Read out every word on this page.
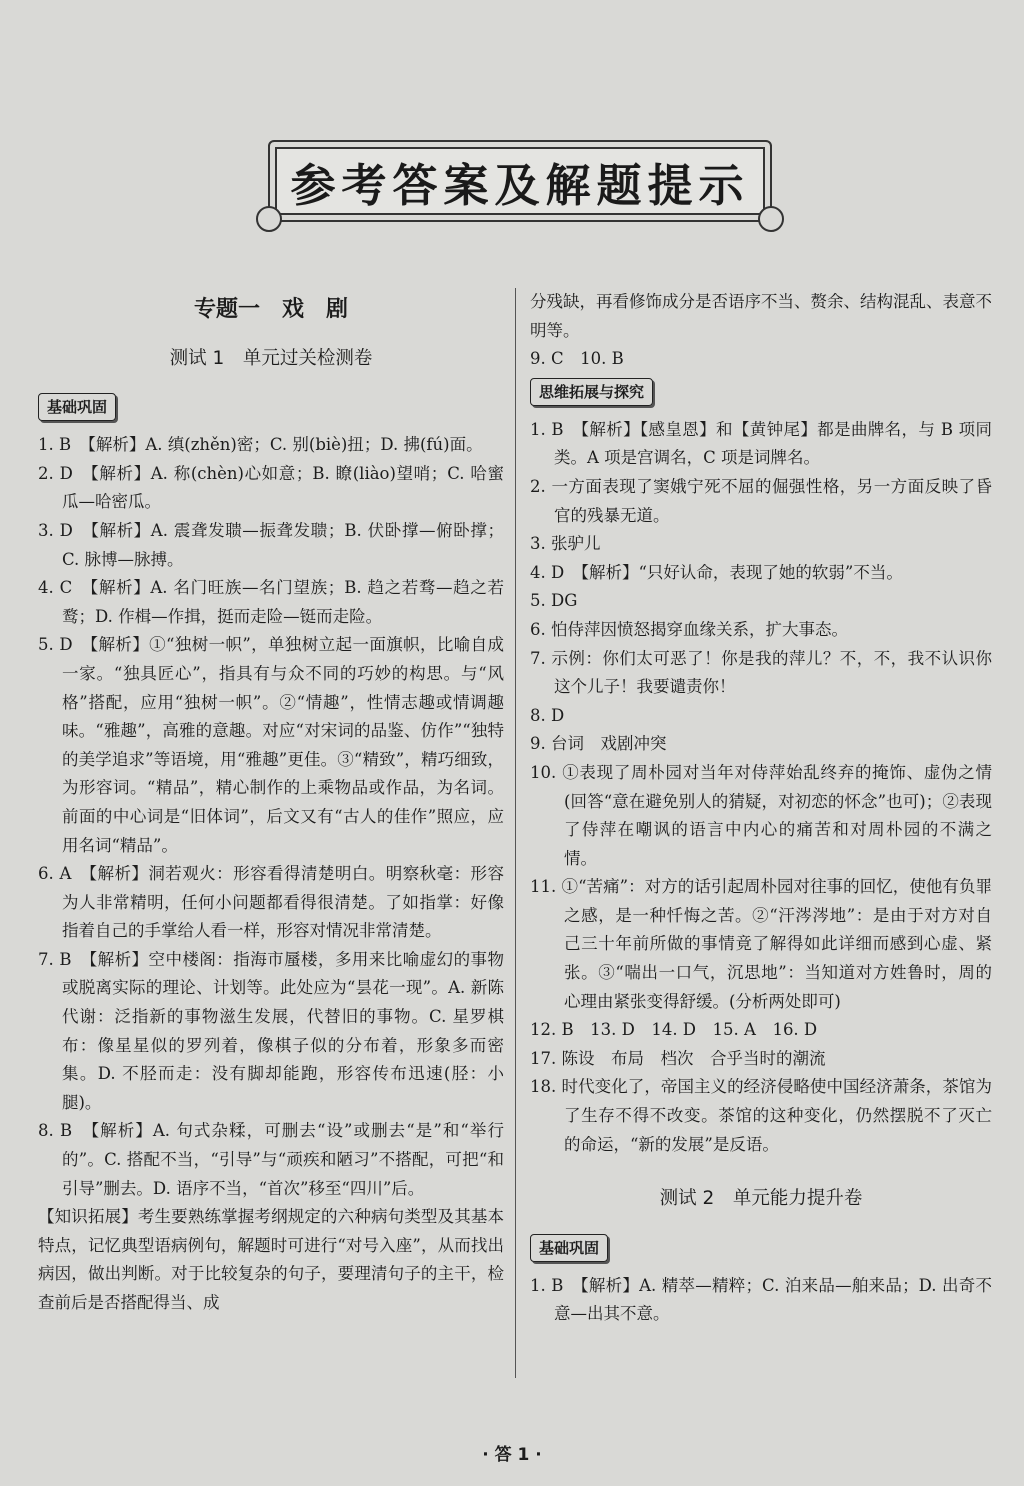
参考答案及解题提示
专题一　戏　剧
测试 1　单元过关检测卷
基础巩固

1. B　【解析】A. 缜(zhěn)密；C. 别(biè)扭；D. 拂(fú)面。

2. D　【解析】A. 称(chèn)心如意；B. 瞭(liào)望哨；C. 哈蜜瓜—哈密瓜。

3. D　【解析】A. 震聋发聩—振聋发聩；B. 伏卧撑—俯卧撑；C. 脉博—脉搏。

4. C　【解析】A. 名门旺族—名门望族；B. 趋之若骛—趋之若鹜；D. 作楫—作揖，挺而走险—铤而走险。

5. D　【解析】①“独树一帜”，单独树立起一面旗帜，比喻自成一家。“独具匠心”，指具有与众不同的巧妙的构思。与“风格”搭配，应用“独树一帜”。②“情趣”，性情志趣或情调趣味。“雅趣”，高雅的意趣。对应“对宋词的品鉴、仿作”“独特的美学追求”等语境，用“雅趣”更佳。③“精致”，精巧细致，为形容词。“精品”，精心制作的上乘物品或作品，为名词。前面的中心词是“旧体词”，后文又有“古人的佳作”照应，应用名词“精品”。

6. A　【解析】洞若观火：形容看得清楚明白。明察秋毫：形容为人非常精明，任何小问题都看得很清楚。了如指掌：好像指着自己的手掌给人看一样，形容对情况非常清楚。

7. B　【解析】空中楼阁：指海市蜃楼，多用来比喻虚幻的事物或脱离实际的理论、计划等。此处应为“昙花一现”。A. 新陈代谢：泛指新的事物滋生发展，代替旧的事物。C. 星罗棋布：像星星似的罗列着，像棋子似的分布着，形象多而密集。D. 不胫而走：没有脚却能跑，形容传布迅速(胫：小腿)。

8. B　【解析】A. 句式杂糅，可删去“设”或删去“是”和“举行的”。C. 搭配不当，“引导”与“顽疾和陋习”不搭配，可把“和引导”删去。D. 语序不当，“首次”移至“四川”后。

【知识拓展】考生要熟练掌握考纲规定的六种病句类型及其基本特点，记忆典型语病例句，解题时可进行“对号入座”，从而找出病因，做出判断。对于比较复杂的句子，要理清句子的主干，检查前后是否搭配得当、成

分残缺，再看修饰成分是否语序不当、赘余、结构混乱、表意不明等。

9. C　10. B

思维拓展与探究

1. B　【解析】【感皇恩】和【黄钟尾】都是曲牌名，与 B 项同类。A 项是宫调名，C 项是词牌名。

2. 一方面表现了窦娥宁死不屈的倔强性格，另一方面反映了昏官的残暴无道。

3. 张驴儿

4. D　【解析】“只好认命，表现了她的软弱”不当。

5. DG

6. 怕侍萍因愤怒揭穿血缘关系，扩大事态。

7. 示例：你们太可恶了！你是我的萍儿？不，不，我不认识你这个儿子！我要谴责你！

8. D

9. 台词　戏剧冲突

10. ①表现了周朴园对当年对侍萍始乱终弃的掩饰、虚伪之情(回答“意在避免别人的猜疑，对初恋的怀念”也可)；②表现了侍萍在嘲讽的语言中内心的痛苦和对周朴园的不满之情。

11. ①“苦痛”：对方的话引起周朴园对往事的回忆，使他有负罪之感，是一种忏悔之苦。②“汗涔涔地”：是由于对方对自己三十年前所做的事情竟了解得如此详细而感到心虚、紧张。③“喘出一口气，沉思地”：当知道对方姓鲁时，周的心理由紧张变得舒缓。(分析两处即可)

12. B　13. D　14. D　15. A　16. D

17. 陈设　布局　档次　合乎当时的潮流

18. 时代变化了，帝国主义的经济侵略使中国经济萧条，茶馆为了生存不得不改变。茶馆的这种变化，仍然摆脱不了灭亡的命运，“新的发展”是反语。

测试 2　单元能力提升卷
基础巩固

1. B　【解析】A. 精萃—精粹；C. 泊来品—舶来品；D. 出奇不意—出其不意。

· 答 1 ·
